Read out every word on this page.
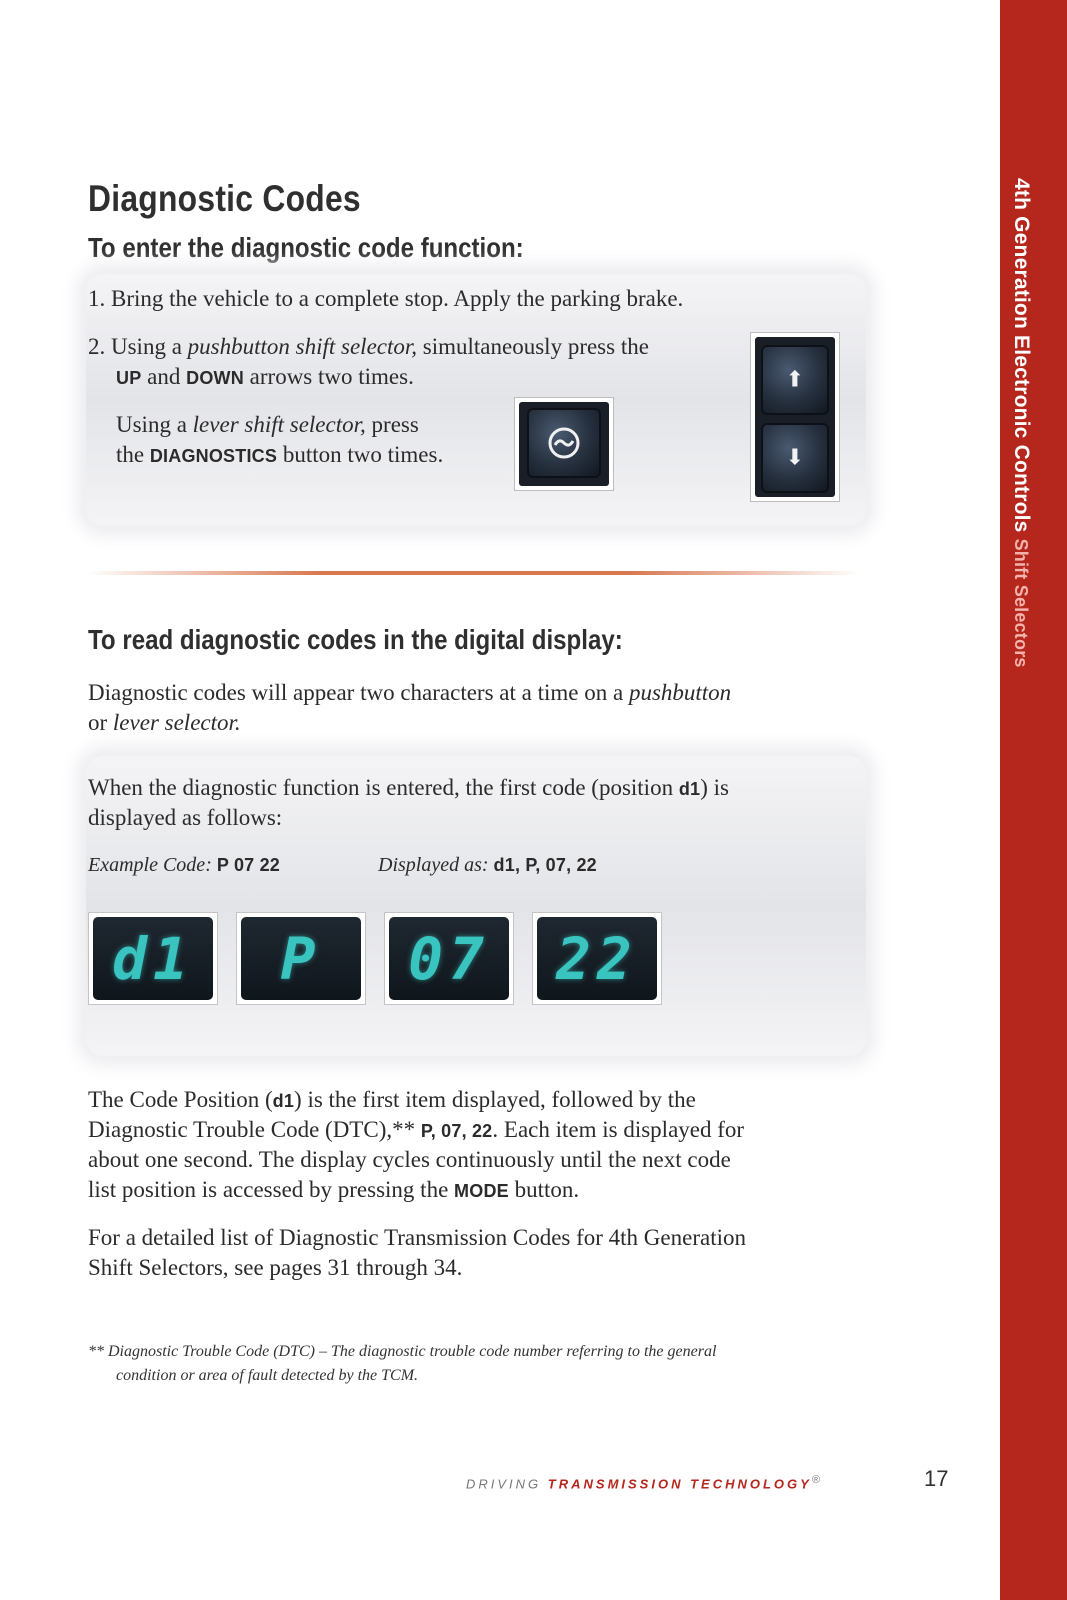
4th Generation Electronic Controls Shift Selectors
Diagnostic Codes
To enter the diagnostic code function:
1. Bring the vehicle to a complete stop. Apply the parking brake.
2. Using a pushbutton shift selector, simultaneously press the
UP and DOWN arrows two times.
Using a lever shift selector, press
the DIAGNOSTICS button two times.
⬆
⬇
To read diagnostic codes in the digital display:
Diagnostic codes will appear two characters at a time on a pushbutton
or lever selector.
When the diagnostic function is entered, the first code (position d1) is
displayed as follows:
Example Code: P 07 22	Displayed as: d1, P, 07, 22
d1	P	07	22
The Code Position (d1) is the first item displayed, followed by the
Diagnostic Trouble Code (DTC),** P, 07, 22. Each item is displayed for
about one second. The display cycles continuously until the next code
list position is accessed by pressing the MODE button.
For a detailed list of Diagnostic Transmission Codes for 4th Generation
Shift Selectors, see pages 31 through 34.
** Diagnostic Trouble Code (DTC) – The diagnostic trouble code number referring to the general
condition or area of fault detected by the TCM.
DRIVING TRANSMISSION TECHNOLOGY®	17
